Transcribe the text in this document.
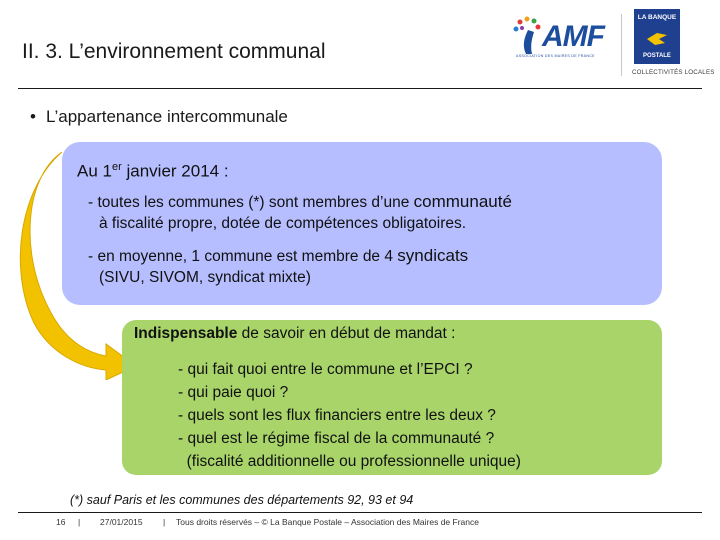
II. 3. L’environnement communal	AMF
ASSOCIATION DES MAIRES DE FRANCE
LA BANQUE
POSTALE
COLLECTIVITÉS LOCALES
• L’appartenance intercommunale
Au 1er janvier 2014 :
- toutes les communes (*) sont membres d’une communauté
à fiscalité propre, dotée de compétences obligatoires.
- en moyenne, 1 commune est membre de 4 syndicats
(SIVU, SIVOM, syndicat mixte)
Indispensable de savoir en début de mandat :
- qui fait quoi entre le commune et l’EPCI ?
- qui paie quoi ?
- quels sont les flux financiers entre les deux ?
- quel est le régime fiscal de la communauté ?
(fiscalité additionnelle ou professionnelle unique)
(*) sauf Paris et les communes des départements 92, 93 et 94
16 | 27/01/2015 | Tous droits réservés – © La Banque Postale – Association des Maires de France
